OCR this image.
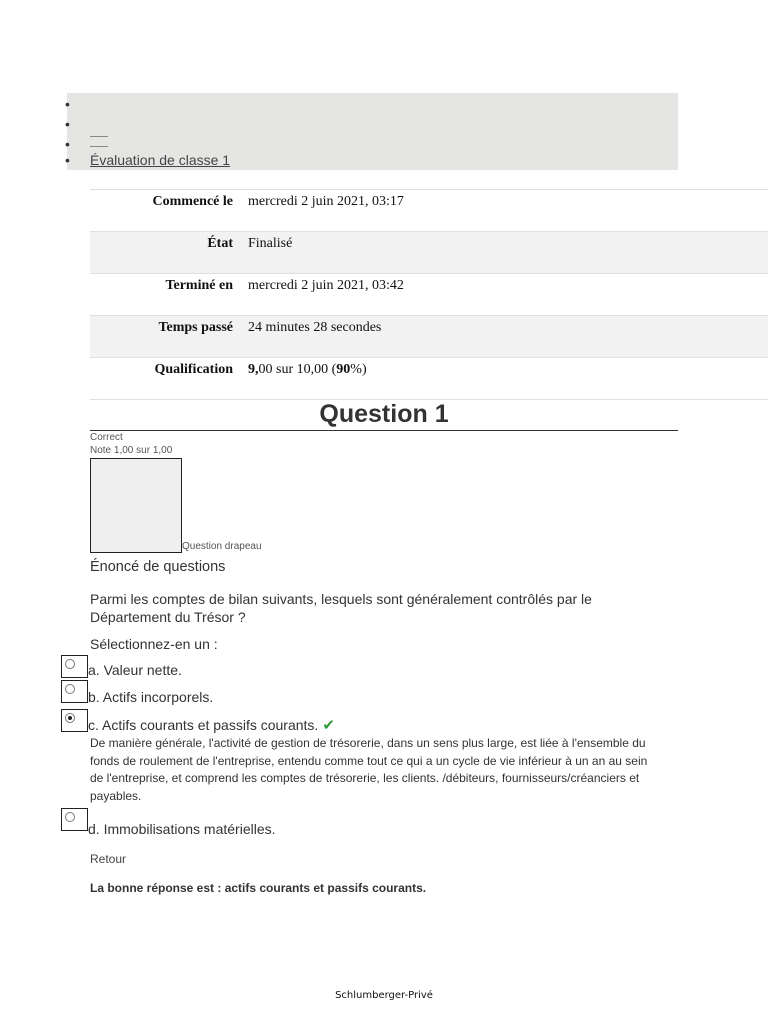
•
•
•
• Évaluation de classe 1
Commencé le mercredi 2 juin 2021, 03:17
État Finalisé
Terminé en mercredi 2 juin 2021, 03:42
Temps passé 24 minutes 28 secondes
Qualification 9,00 sur 10,00 (90%)
Question 1
Correct
Note 1,00 sur 1,00
Question drapeau
Énoncé de questions
Parmi les comptes de bilan suivants, lesquels sont généralement contrôlés par le Département du Trésor ?
Sélectionnez-en un :
a. Valeur nette.
b. Actifs incorporels.
c. Actifs courants et passifs courants. ✔
De manière générale, l'activité de gestion de trésorerie, dans un sens plus large, est liée à l'ensemble du fonds de roulement de l'entreprise, entendu comme tout ce qui a un cycle de vie inférieur à un an au sein de l'entreprise, et comprend les comptes de trésorerie, les clients. /débiteurs, fournisseurs/créanciers et payables.
d. Immobilisations matérielles.
Retour
La bonne réponse est : actifs courants et passifs courants.
Schlumberger-Privé
